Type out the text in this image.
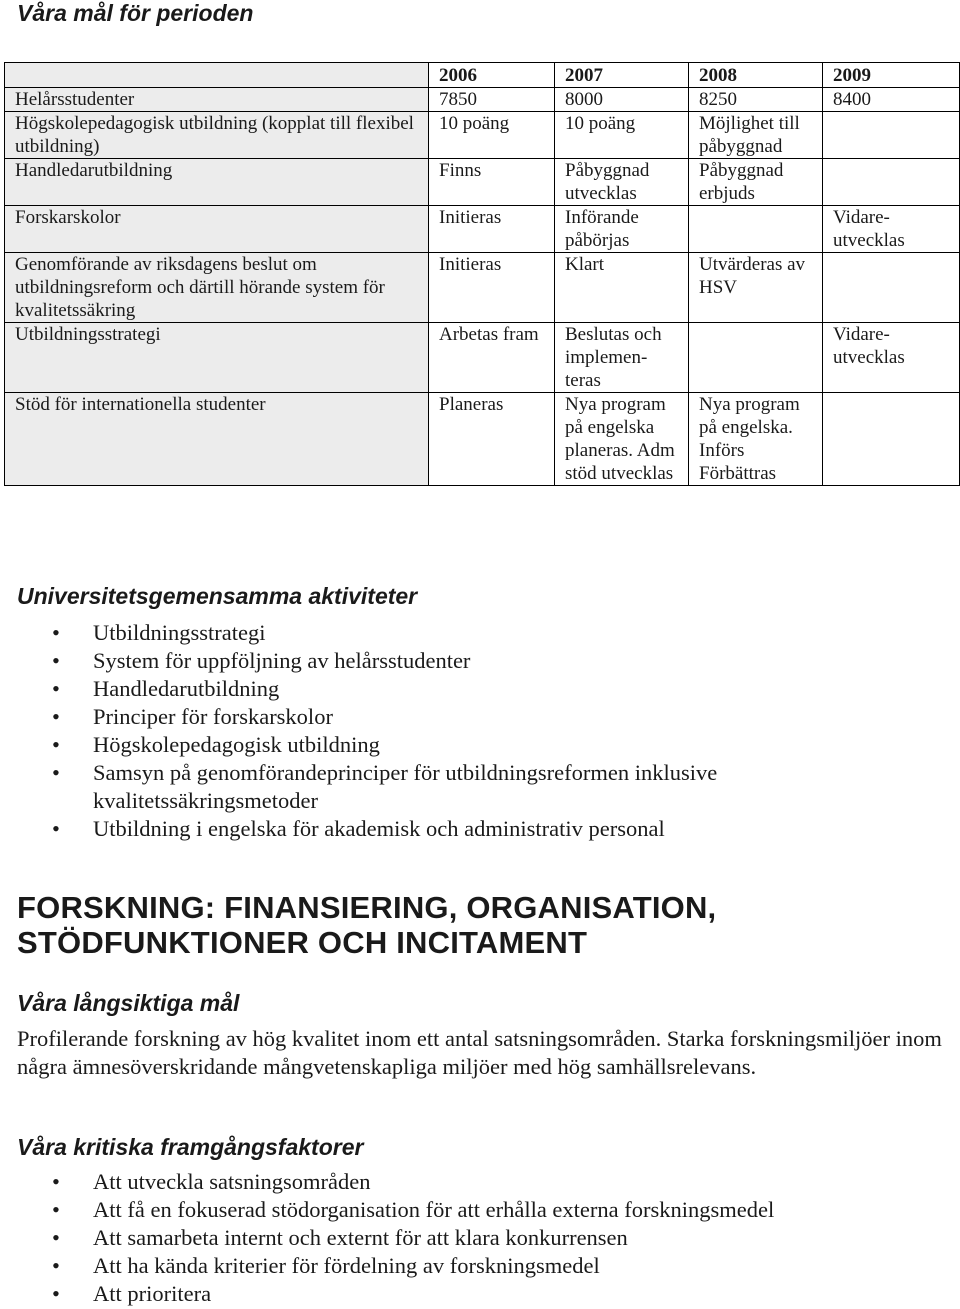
Våra mål för perioden
	2006	2007	2008	2009
Helårsstudenter	7850	8000	8250	8400
Högskolepedagogisk utbildning (kopplat till flexibel utbildning)	10 poäng	10 poäng	Möjlighet till påbyggnad	
Handledarutbildning	Finns	Påbyggnad utvecklas	Påbyggnad erbjuds	
Forskarskolor	Initieras	Införande påbörjas		Vidare-utvecklas
Genomförande av riksdagens beslut om utbildningsreform och därtill hörande system för kvalitetssäkring	Initieras	Klart	Utvärderas av HSV	
Utbildningsstrategi	Arbetas fram	Beslutas och implemen-teras		Vidare-utvecklas
Stöd för internationella studenter	Planeras	Nya program på engelska planeras. Adm stöd utvecklas	Nya program på engelska. Införs Förbättras	
Universitetsgemensamma aktiviteter
• Utbildningsstrategi
• System för uppföljning av helårsstudenter
• Handledarutbildning
• Principer för forskarskolor
• Högskolepedagogisk utbildning
• Samsyn på genomförandeprinciper för utbildningsreformen inklusive kvalitetssäkringsmetoder
• Utbildning i engelska för akademisk och administrativ personal
FORSKNING: FINANSIERING, ORGANISATION,
STÖDFUNKTIONER OCH INCITAMENT
Våra långsiktiga mål

Profilerande forskning av hög kvalitet inom ett antal satsningsområden. Starka forskningsmiljöer inom några ämnesöverskridande mångvetenskapliga miljöer med hög samhällsrelevans.

Våra kritiska framgångsfaktorer
• Att utveckla satsningsområden
• Att få en fokuserad stödorganisation för att erhålla externa forskningsmedel
• Att samarbeta internt och externt för att klara konkurrensen
• Att ha kända kriterier för fördelning av forskningsmedel
• Att prioritera
